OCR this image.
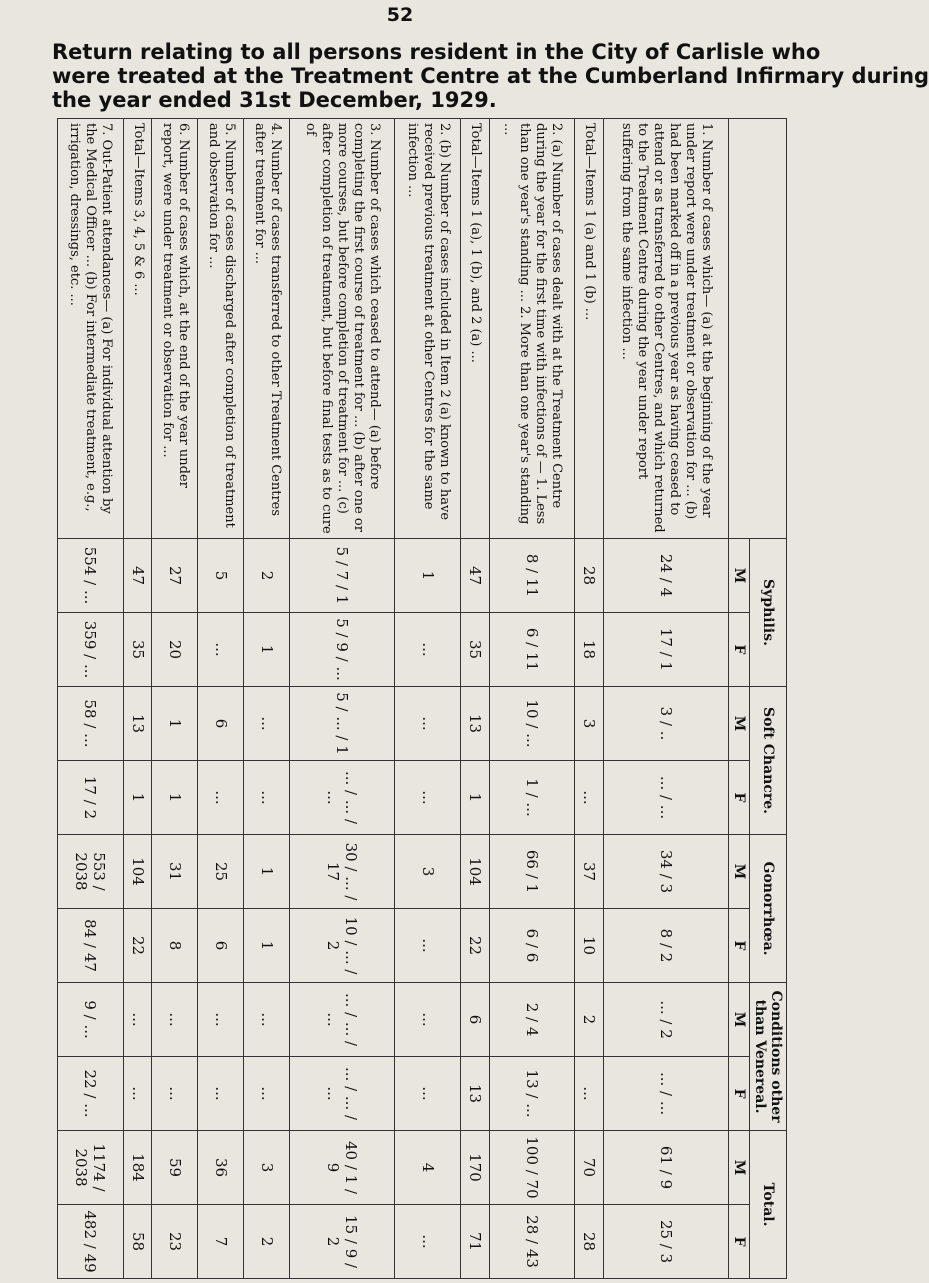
52
Return relating to all persons resident in the City of Carlisle who
were treated at the Treatment Centre at the Cumberland Infirmary during
the year ended 31st December, 1929.
	Syphilis.		Soft Chancre.		Gonorrhœa.		Conditions other than Venereal.		Total.	
	M	F	M	F	M	F	M	F	M	F
1. Number of cases which— (a) at the beginning of the year under report were under treatment or observation for ... (b) had been marked off in a previous year as having ceased to attend or as transferred to other Centres, and which returned to the Treatment Centre during the year under report suffering from the same infection ...	24 / 4	17 / 1	3 / ..	... / ...	34 / 3	8 / 2	... / 2	... / ...	61 / 9	25 / 3
Total—Items 1 (a) and 1 (b) ...	28	18	3	...	37	10	2	...	70	28
2. (a) Number of cases dealt with at the Treatment Centre during the year for the first time with infections of — 1. Less than one year's standing ... 2. More than one year's standing ...	8 / 11	6 / 11	10 / ...	1 / ...	66 / 1	6 / 6	2 / 4	13 / ...	100 / 70	28 / 43
Total—Items 1 (a), 1 (b), and 2 (a) ...	47	35	13	1	104	22	6	13	170	71
2. (b) Number of cases included in Item 2 (a) known to have received previous treatment at other Centres for the same infection ...	1	...	...	...	3	...	...	...	4	...
3. Number of cases which ceased to attend— (a) before completing the first course of treatment for ... (b) after one or more courses, but before completion of treatment for ... (c) after completion of treatment, but before final tests as to cure of	5 / 7 / 1	5 / 9 / ...	5 / ... / 1	... / ... / ...	30 / ... / 17	10 / ... / 2	... / ... / ...	... / ... / ...	40 / 1 / 9	15 / 9 / 2
4. Number of cases transferred to other Treatment Centres after treatment for ...	2	1	...	...	1	1	...	...	3	2
5. Number of cases discharged after completion of treatment and observation for ...	5	...	6	...	25	6	...	...	36	7
6. Number of cases which, at the end of the year under report, were under treatment or observation for ...	27	20	1	1	31	8	...	...	59	23
Total—Items 3, 4, 5 & 6 ...	47	35	13	1	104	22	...	...	184	58
7. Out-Patient attendances— (a) For individual attention by the Medical Officer ... (b) For intermediate treatment, e.g., irrigation, dressings, etc. ...	554 / ...	359 / ...	58 / ...	17 / 2	553 / 2038	84 / 47	9 / ...	22 / ...	1174 / 2038	482 / 49
